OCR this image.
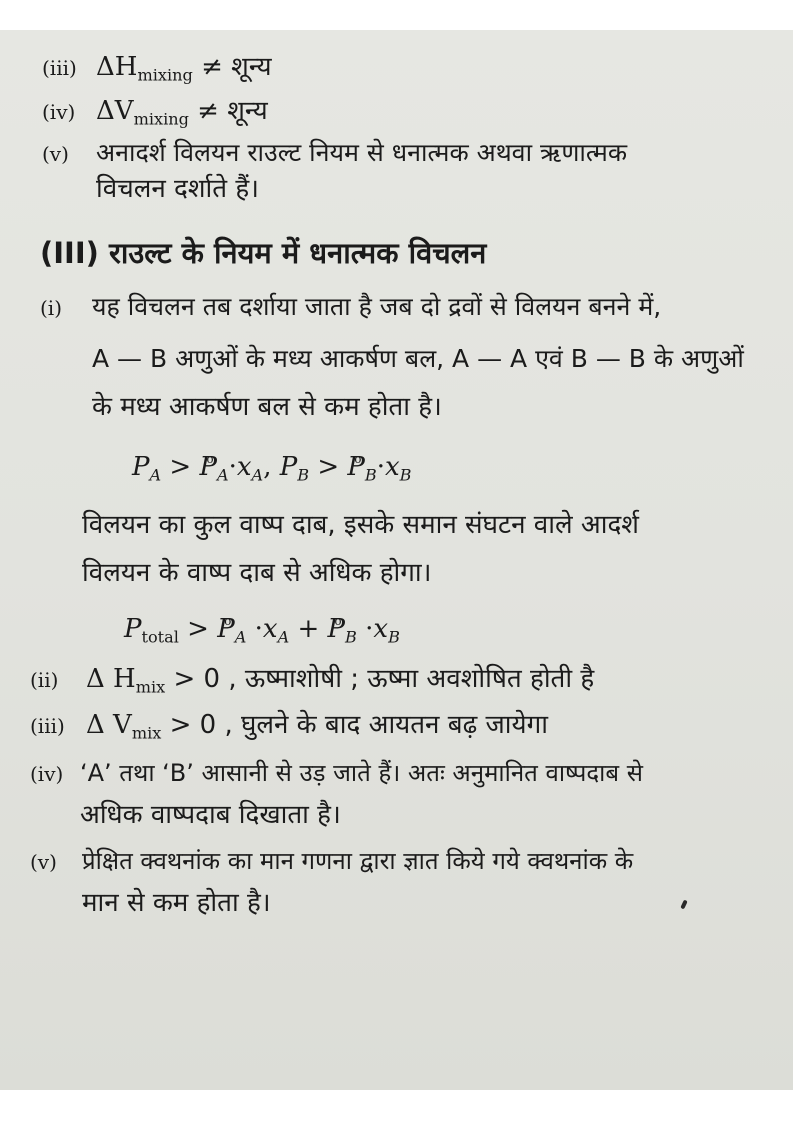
(iii) $\Delta H_{mixing}$ ≠ शून्य
(iv) $\Delta V_{mixing}$ ≠ शून्य
(v) अनादर्श विलयन राउल्ट नियम से धनात्मक अथवा ऋणात्मक
विचलन दर्शाते हैं।
(III) राउल्ट के नियम में धनात्मक विचलन
(i) यह विचलन तब दर्शाया जाता है जब दो द्रवों से विलयन बनने में,
A — B अणुओं के मध्य आकर्षण बल, A — A एवं B — B के अणुओं
के मध्य आकर्षण बल से कम होता है।
$P_A > P$ $o_A\cdot x_A$, $P_B > P$ $o_B\cdot x_B$
विलयन का कुल वाष्प दाब, इसके समान संघटन वाले आदर्श
विलयन के वाष्प दाब से अधिक होगा।
$P_{total} > P$ $o_A \cdot x_A + P$ $o_B \cdot x_B$
(ii) Δ $H_{mix} > 0$ , ऊष्माशोषी ; ऊष्मा अवशोषित होती है
(iii) Δ $V_{mix} > 0$ , घुलने के बाद आयतन बढ़ जायेगा
(iv) ‘A’ तथा ‘B’ आसानी से उड़ जाते हैं। अतः अनुमानित वाष्पदाब से
अधिक वाष्पदाब दिखाता है।
(v) प्रेक्षित क्वथनांक का मान गणना द्वारा ज्ञात किये गये क्वथनांक के
मान से कम होता है।
